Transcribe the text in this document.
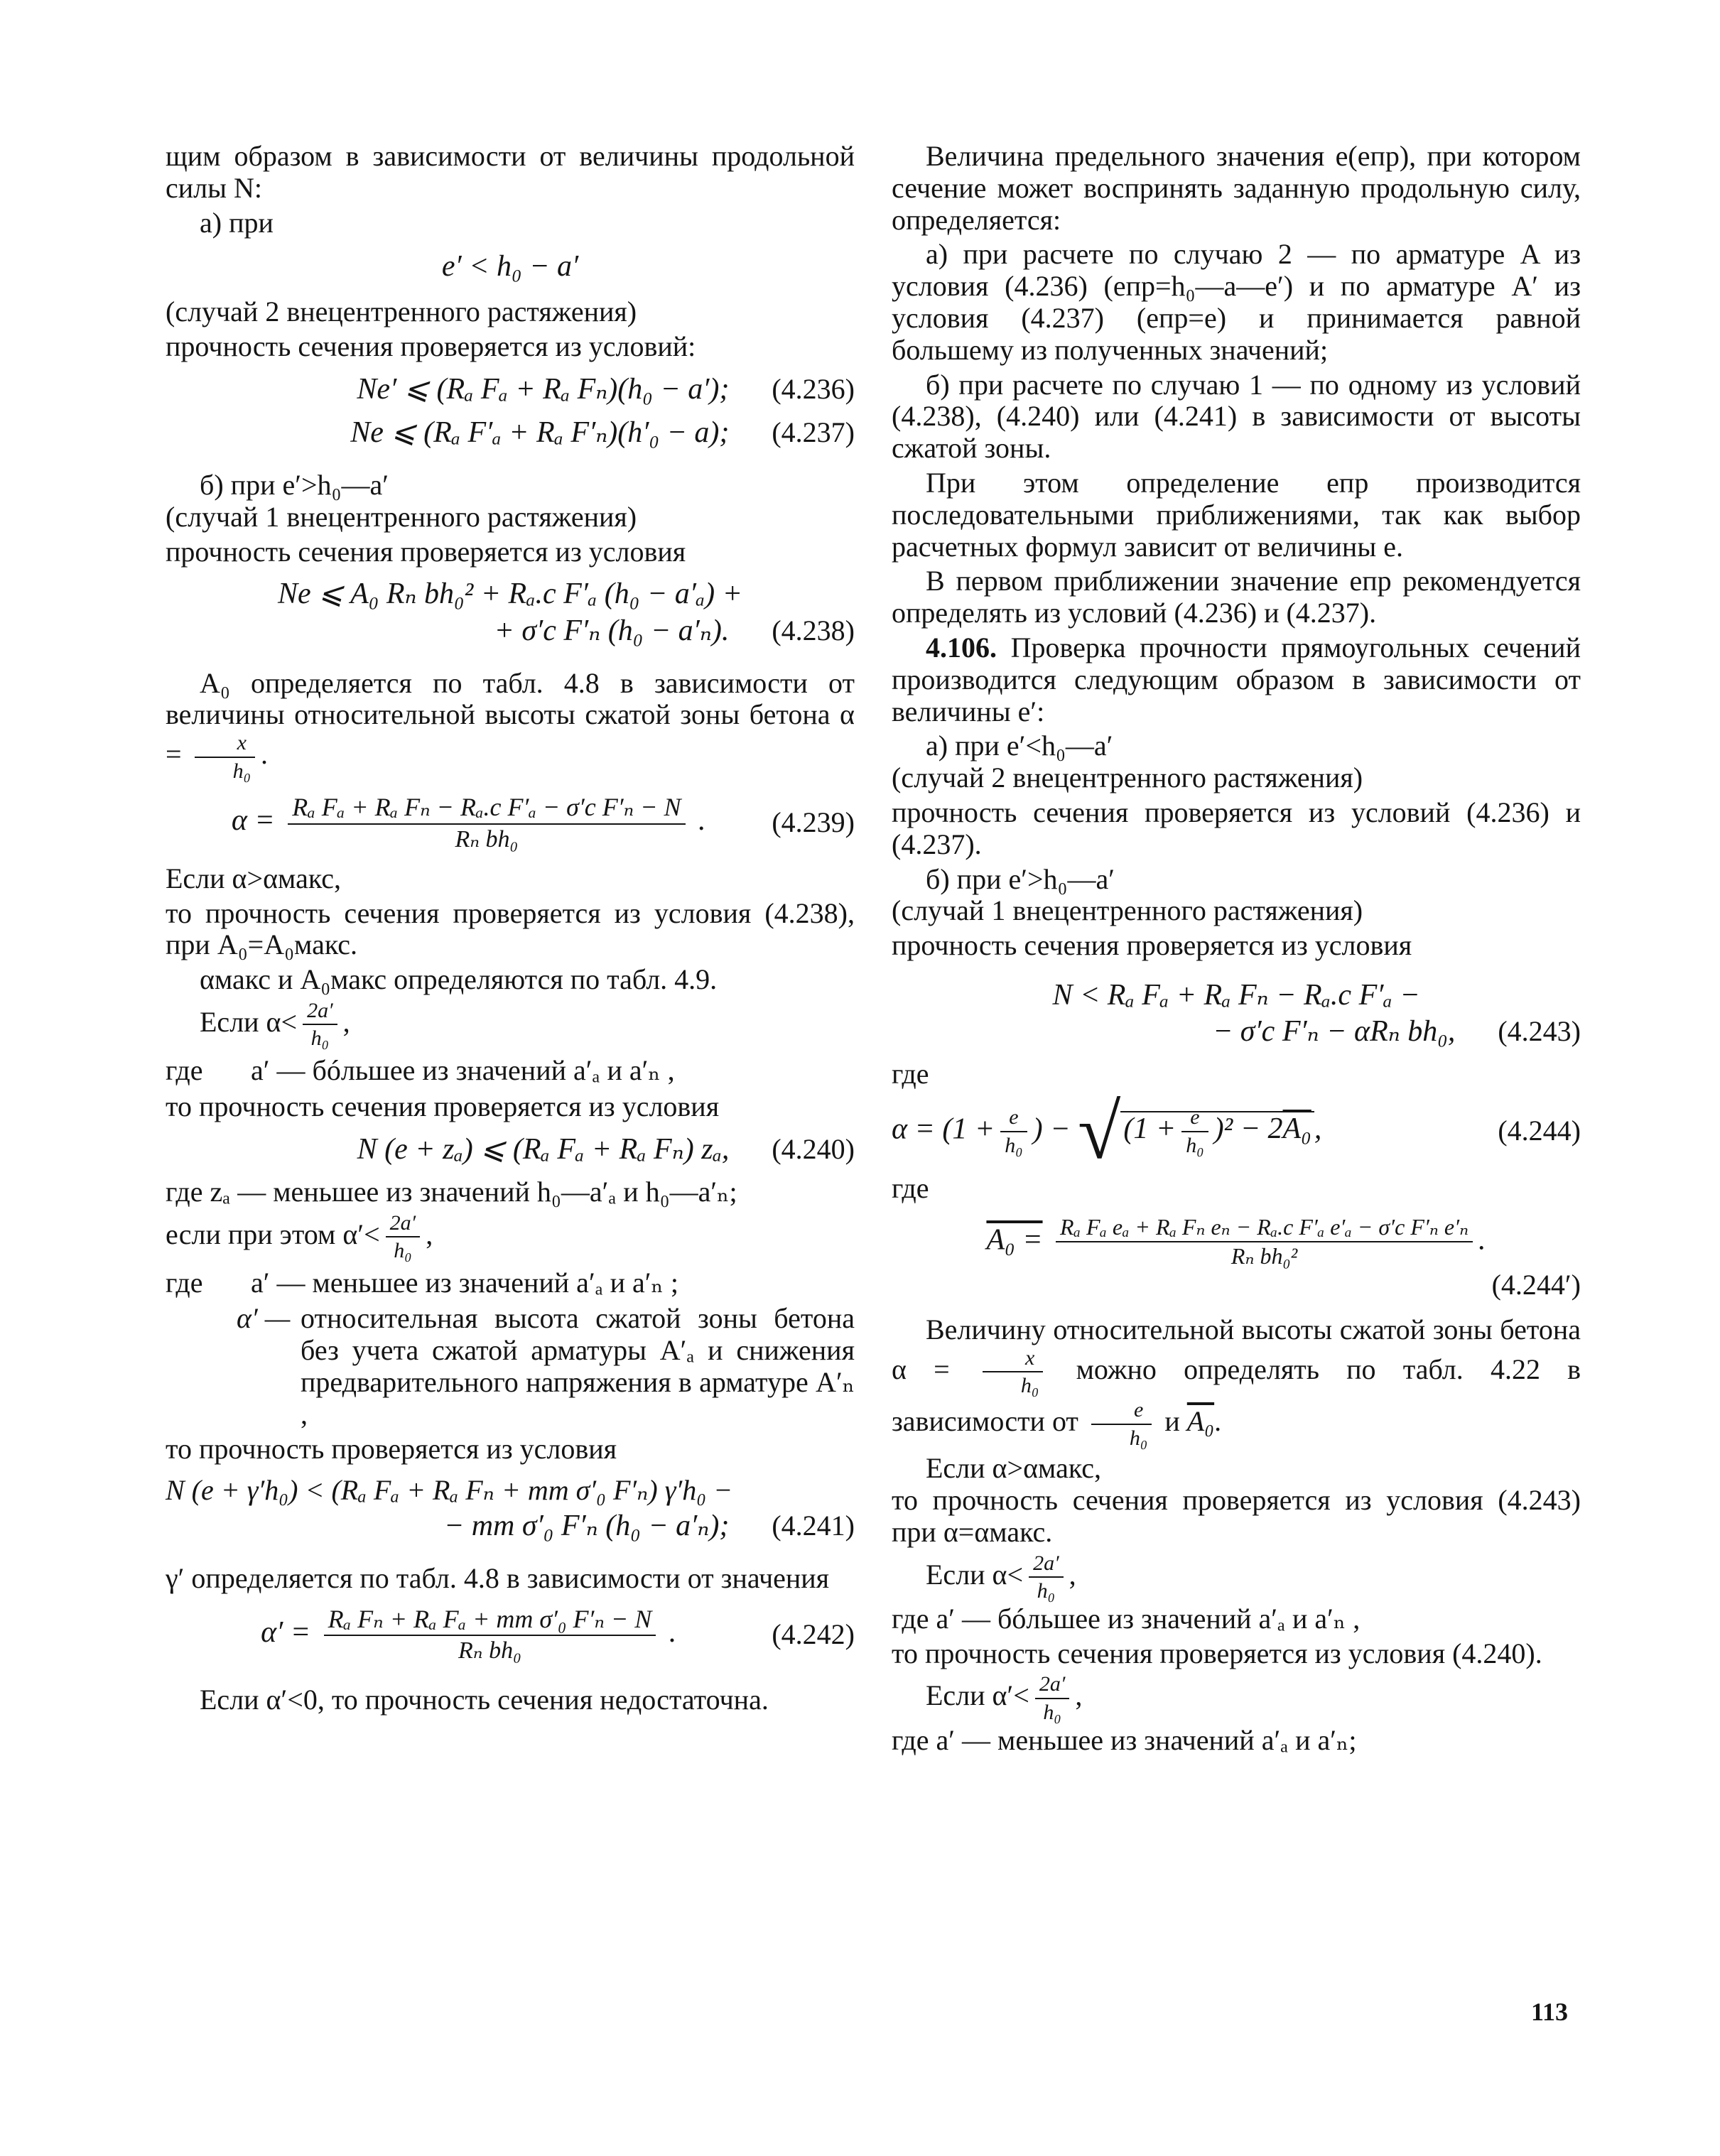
щим образом в зависимости от величины продольной силы N:

а) при

e′ < h₀ − a′

(случай 2 внецентренного растяжения)

прочность сечения проверяется из условий:

Ne′ ⩽ (Rₐ Fₐ + Rₐ Fₙ)(h₀ − a′);	(4.236)
Ne ⩽ (Rₐ F′ₐ + Rₐ F′ₙ)(h′₀ − a);	(4.237)

б) при e′>h₀—a′

(случай 1 внецентренного растяжения)

прочность сечения проверяется из условия

Ne ⩽ A₀ Rₙ bh₀² + Rₐ.с F′ₐ (h₀ − a′ₐ) +
+ σ′с F′ₙ (h₀ − a′ₙ).	(4.238)

A₀ определяется по табл. 4.8 в зависимости от величины относительной высоты сжатой зоны бетона $\alpha = \frac{x}{\text{h₀}}$ .

$\alpha = \frac{\text{Rₐ Fₐ + Rₐ Fₙ − Rₐ.с F′ₐ − σ′с F′ₙ − N}}{\text{Rₙ bh₀}}$ .	(4.239)

Если α>αмакс,

то прочность сечения проверяется из условия (4.238), при A₀=A₀макс.

αмакс и A₀макс определяются по табл. 4.9.

Если $\alpha< \frac{2a'}{\text{h₀}}$ ,

где	a′ — бóльшее из значений a′ₐ и a′ₙ ,

то прочность сечения проверяется из условия

N (e + zₐ) ⩽ (Rₐ Fₐ + Rₐ Fₙ) zₐ,	(4.240)

где zₐ — меньшее из значений h₀—a′ₐ и h₀—a′ₙ;

если при этом $\alpha'< \frac{2a'}{\text{h₀}}$ ,

где	a′ — меньшее из значений a′ₐ и a′ₙ ;
α′ — относительная высота сжатой зоны бетона без учета сжатой арматуры A′ₐ и снижения предварительного напряжения в арматуре A′ₙ ,

то прочность проверяется из условия

N (e + γ′h₀) < (Rₐ Fₐ + Rₐ Fₙ + mт σ′₀ F′ₙ) γ′h₀ −
− mт σ′₀ F′ₙ (h₀ − a′ₙ);	(4.241)

γ′ определяется по табл. 4.8 в зависимости от значения

$\alpha' = \frac{\text{Rₐ Fₙ + Rₐ Fₐ + mт σ′₀ F′ₙ − N}}{\text{Rₙ bh₀}}$ .	(4.242)

Если α′<0, то прочность сечения недостаточна.

Величина предельного значения e(eпр), при котором сечение может воспринять заданную продольную силу, определяется:

а) при расчете по случаю 2 — по арматуре A из условия (4.236) (eпр=h₀—a—e′) и по арматуре A′ из условия (4.237) (eпр=e) и принимается равной большему из полученных значений;

б) при расчете по случаю 1 — по одному из условий (4.238), (4.240) или (4.241) в зависимости от высоты сжатой зоны.

При этом определение eпр производится последовательными приближениями, так как выбор расчетных формул зависит от величины e.

В первом приближении значение eпр рекомендуется определять из условий (4.236) и (4.237).

4.106. Проверка прочности прямоугольных сечений производится следующим образом в зависимости от величины e′:

а) при e′<h₀—a′

(случай 2 внецентренного растяжения)

прочность сечения проверяется из условий (4.236) и (4.237).

б) при e′>h₀—a′

(случай 1 внецентренного растяжения)

прочность сечения проверяется из условия

N < Rₐ Fₐ + Rₐ Fₙ − Rₐ.с F′ₐ −
− σ′с F′ₙ − αRₙ bh₀,	(4.243)

где

$\alpha = (1 + \frac{e}{\text{h₀}}$ ) − $√(1 + \frac{e}{\text{h₀}} )^2 - 2A_0$,	(4.244)

где

$A_0 = \frac{\text{Rₐ Fₐ eₐ + Rₐ Fₙ eₙ − Rₐ.с F′ₐ e′ₐ − σ′с F′ₙ e′ₙ}}{\text{Rₙ bh₀²}}$ .
(4.244′)

Величину относительной высоты сжатой зоны бетона $\alpha = \frac{x}{\text{h₀}}$ можно определять по табл. 4.22 в зависимости от $\frac{e}{\text{h₀}}$ и A₀.

Если α>αмакс,

то прочность сечения проверяется из условия (4.243) при α=αмакс.

Если $\alpha< \frac{2a'}{\text{h₀}}$ ,

где a′ — бóльшее из значений a′ₐ и a′ₙ ,

то прочность сечения проверяется из условия (4.240).

Если $\alpha'< \frac{2a'}{\text{h₀}}$ ,

где a′ — меньшее из значений a′ₐ и a′ₙ;

113
